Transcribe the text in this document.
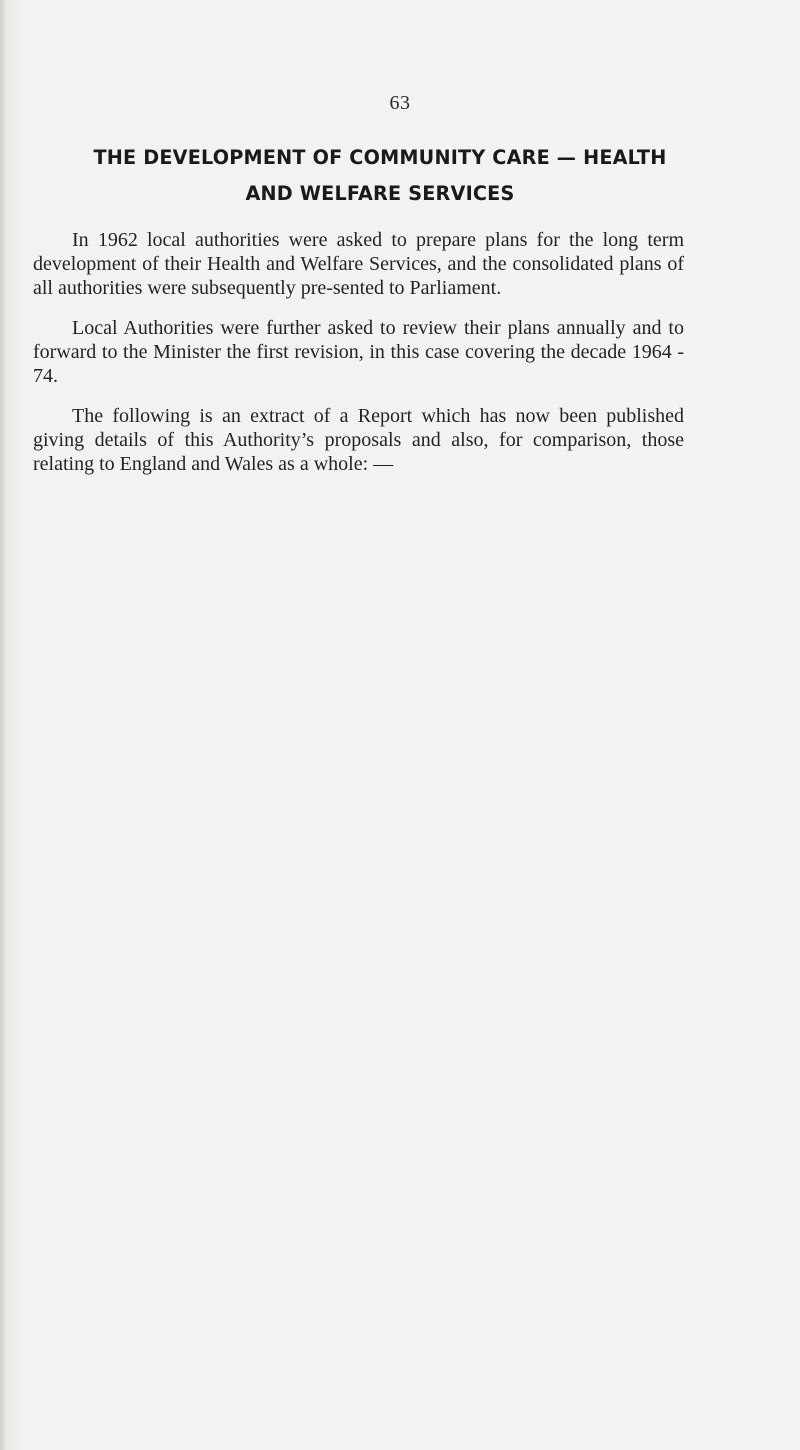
63
THE DEVELOPMENT OF COMMUNITY CARE — HEALTH
AND WELFARE SERVICES

In 1962 local authorities were asked to prepare plans for the long term development of their Health and Welfare Services, and the consolidated plans of all authorities were subsequently pre-sented to Parliament.

Local Authorities were further asked to review their plans annually and to forward to the Minister the first revision, in this case covering the decade 1964 - 74.

The following is an extract of a Report which has now been published giving details of this Authority’s proposals and also, for comparison, those relating to England and Wales as a whole: —
